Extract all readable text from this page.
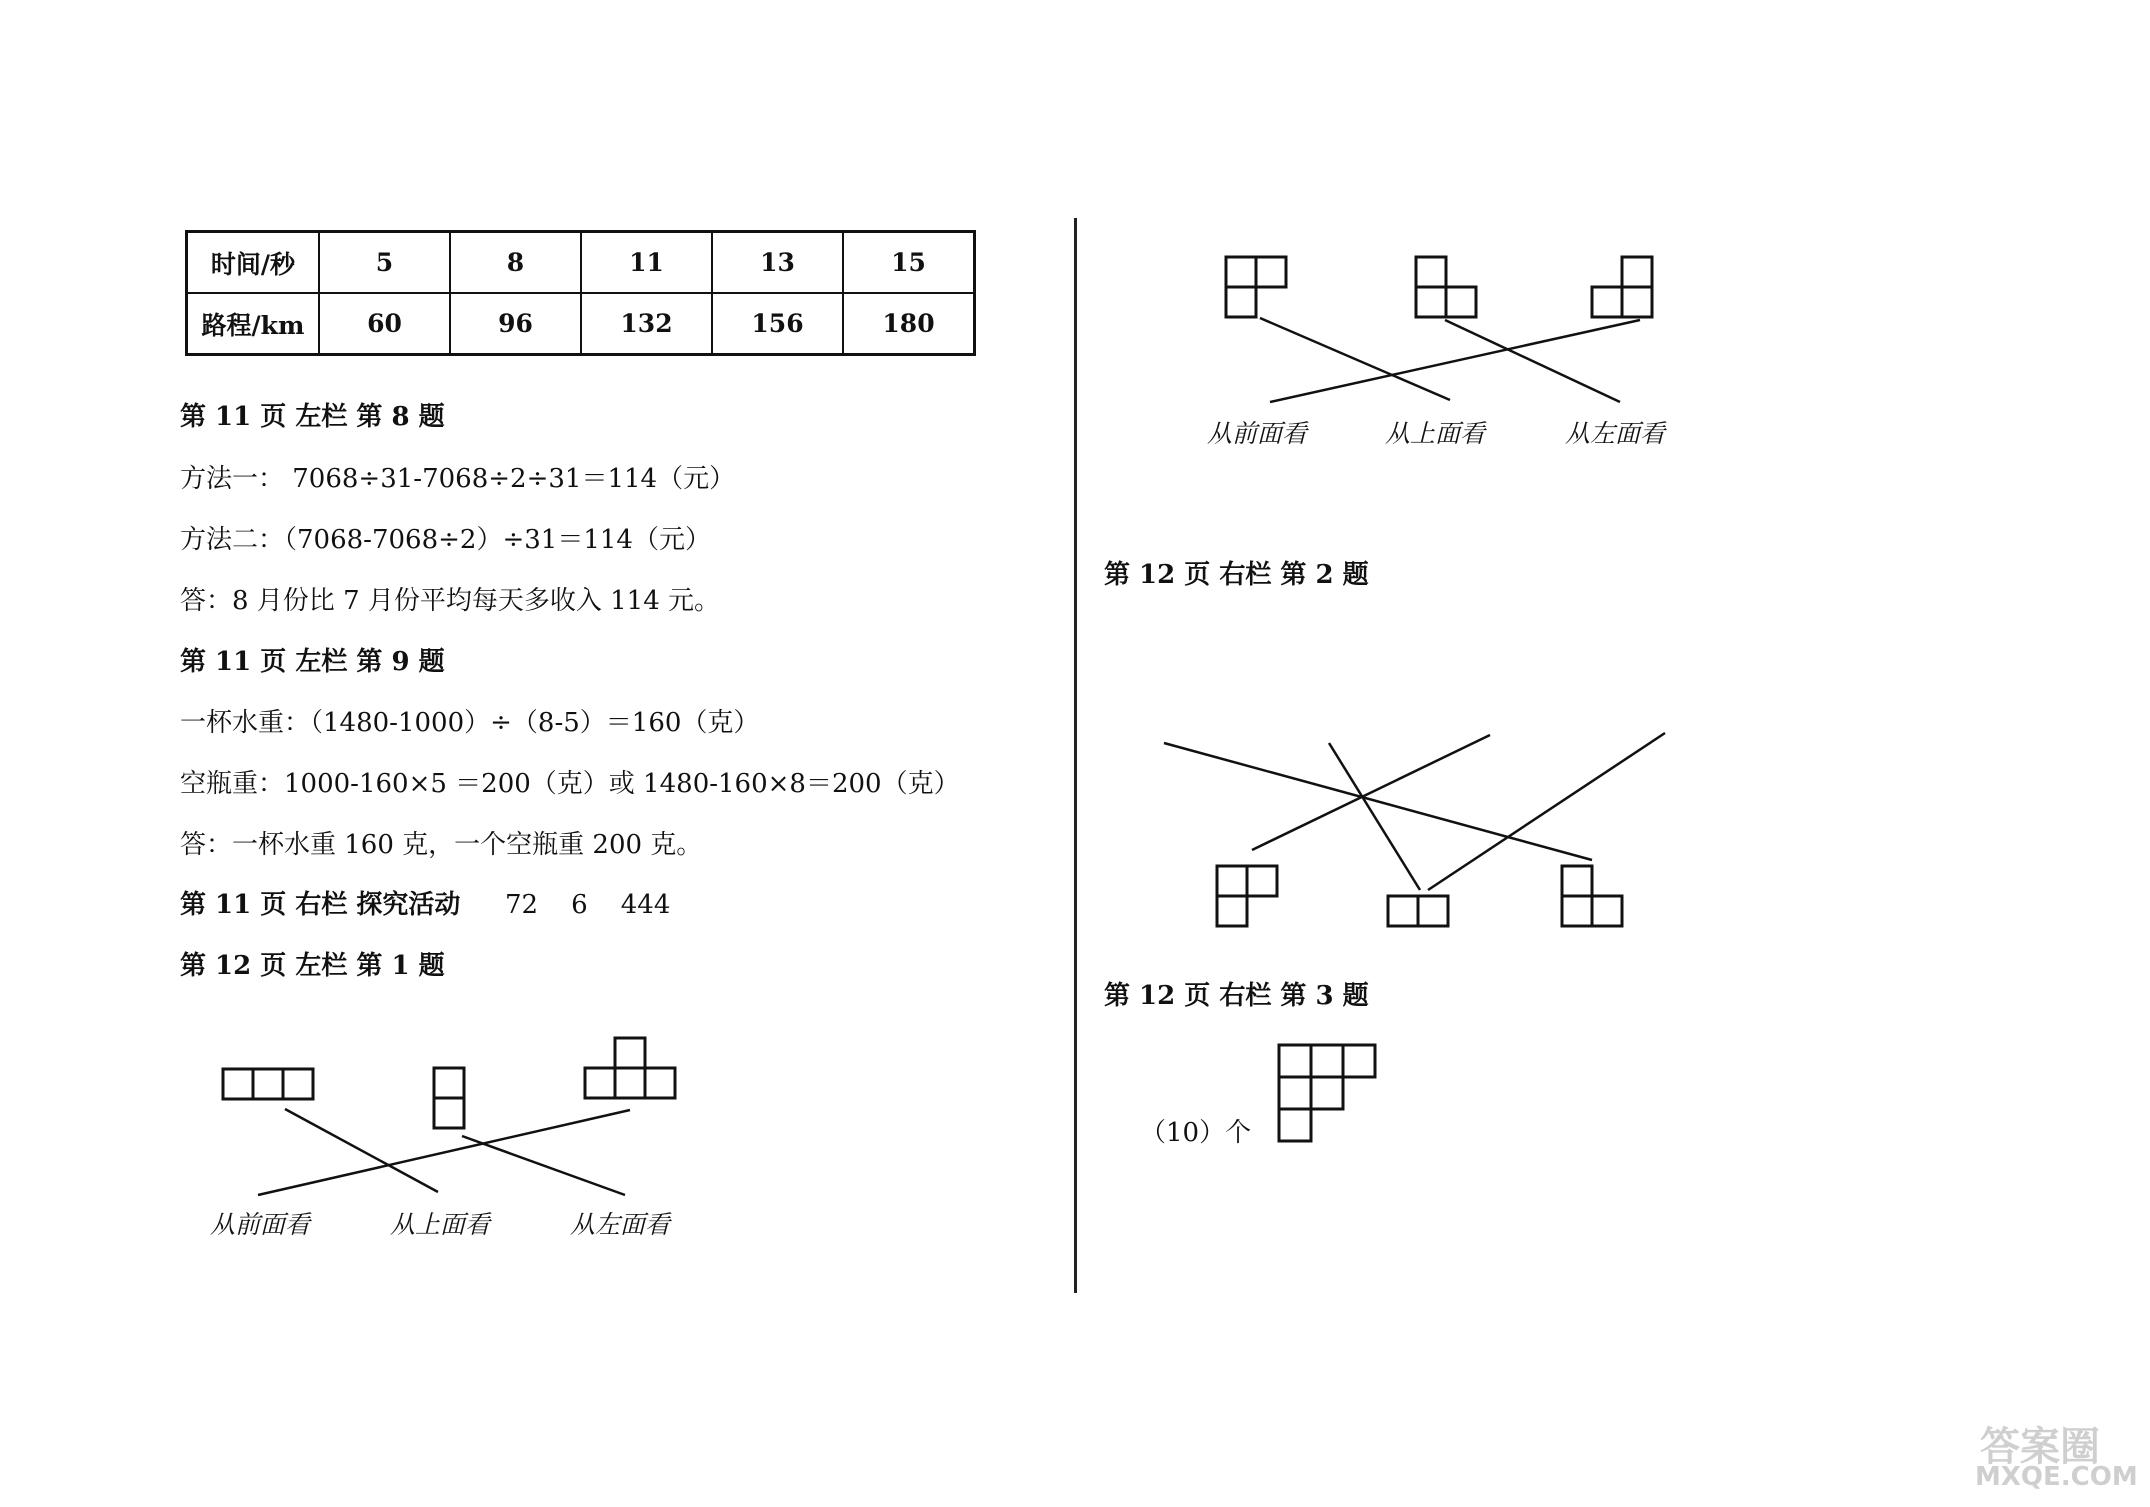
时间/秒	5	8	11	13	15
路程/km	60	96	132	156	180
第 11 页 左栏 第 8 题
方法一： 7068÷31-7068÷2÷31＝114（元）
方法二：（7068-7068÷2）÷31＝114（元）
答：8 月份比 7 月份平均每天多收入 114 元。
第 11 页 左栏 第 9 题
一杯水重：（1480-1000）÷（8-5）＝160（克）
空瓶重：1000-160×5 ＝200（克）或 1480-160×8＝200（克）
答：一杯水重 160 克，一个空瓶重 200 克。
第 11 页 右栏 探究活动 72    6    444
第 12 页 左栏 第 1 题
从前面看	从上面看	从左面看
从前面看	从上面看	从左面看
第 12 页 右栏 第 2 题
第 12 页 右栏 第 3 题
（10）个
答案圈
MXQE.COM
